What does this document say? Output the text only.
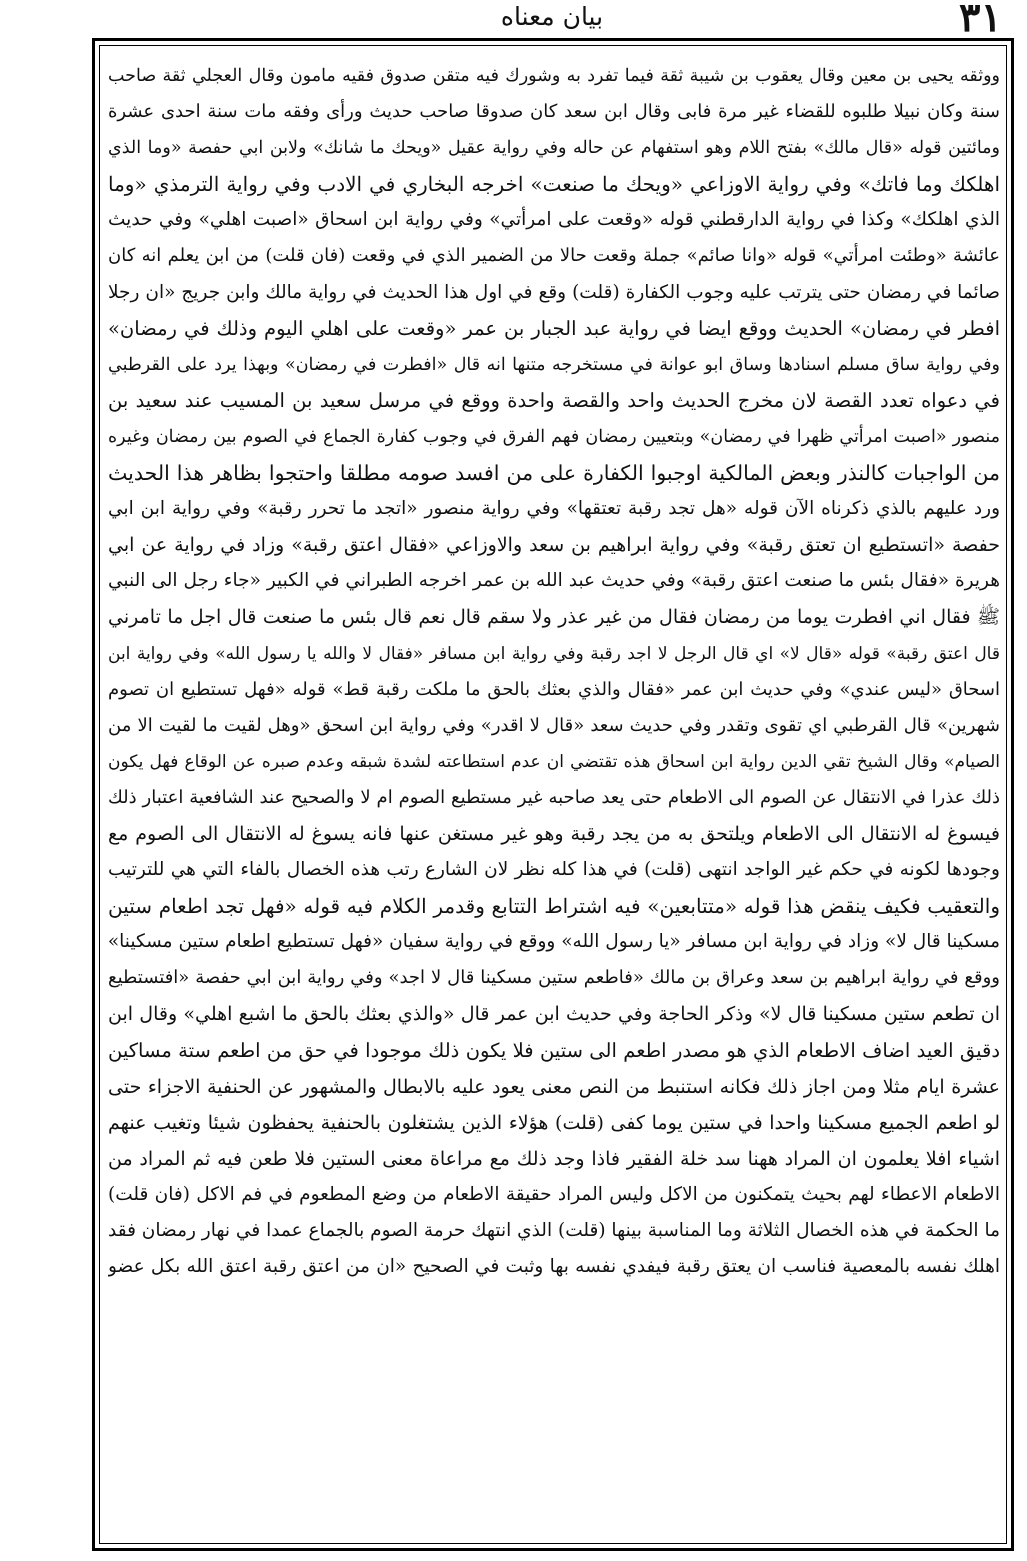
٣١
بيان معناه
ووثقه يحيى بن معين وقال يعقوب بن شيبة ثقة فيما تفرد به وشورك فيه متقن صدوق فقيه مامون وقال العجلي ثقة صاحب
سنة وكان نبيلا طلبوه للقضاء غير مرة فابى وقال ابن سعد كان صدوقا صاحب حديث ورأى وفقه مات سنة احدى عشرة
ومائتين قوله «قال مالك» بفتح اللام وهو استفهام عن حاله وفي رواية عقيل «ويحك ما شانك» ولابن ابي حفصة «وما الذي
اهلكك وما فاتك» وفي رواية الاوزاعي «ويحك ما صنعت» اخرجه البخاري في الادب وفي رواية الترمذي «وما
الذي اهلكك» وكذا في رواية الدارقطني قوله «وقعت على امرأتي» وفي رواية ابن اسحاق «اصبت اهلي» وفي حديث
عائشة «وطئت امرأتي» قوله «وانا صائم» جملة وقعت حالا من الضمير الذي في وقعت (فان قلت) من ابن يعلم انه كان
صائما في رمضان حتى يترتب عليه وجوب الكفارة (قلت) وقع في اول هذا الحديث في رواية مالك وابن جريج «ان رجلا
افطر في رمضان» الحديث ووقع ايضا في رواية عبد الجبار بن عمر «وقعت على اهلي اليوم وذلك في رمضان»
وفي رواية ساق مسلم اسنادها وساق ابو عوانة في مستخرجه متنها انه قال «افطرت في رمضان» وبهذا يرد على القرطبي
في دعواه تعدد القصة لان مخرج الحديث واحد والقصة واحدة ووقع في مرسل سعيد بن المسيب عند سعيد بن
منصور «اصبت امرأتي ظهرا في رمضان» وبتعيين رمضان فهم الفرق في وجوب كفارة الجماع في الصوم بين رمضان وغيره
من الواجبات كالنذر وبعض المالكية اوجبوا الكفارة على من افسد صومه مطلقا واحتجوا بظاهر هذا الحديث
ورد عليهم بالذي ذكرناه الآن قوله «هل تجد رقبة تعتقها» وفي رواية منصور «اتجد ما تحرر رقبة» وفي رواية ابن ابي
حفصة «اتستطيع ان تعتق رقبة» وفي رواية ابراهيم بن سعد والاوزاعي «فقال اعتق رقبة» وزاد في رواية عن ابي
هريرة «فقال بئس ما صنعت اعتق رقبة» وفي حديث عبد الله بن عمر اخرجه الطبراني في الكبير «جاء رجل الى النبي
ﷺ فقال اني افطرت يوما من رمضان فقال من غير عذر ولا سقم قال نعم قال بئس ما صنعت قال اجل ما تامرني
قال اعتق رقبة» قوله «قال لا» اي قال الرجل لا اجد رقبة وفي رواية ابن مسافر «فقال لا والله يا رسول الله» وفي رواية ابن
اسحاق «ليس عندي» وفي حديث ابن عمر «فقال والذي بعثك بالحق ما ملكت رقبة قط» قوله «فهل تستطيع ان تصوم
شهرين» قال القرطبي اي تقوى وتقدر وفي حديث سعد «قال لا اقدر» وفي رواية ابن اسحق «وهل لقيت ما لقيت الا من
الصيام» وقال الشيخ تقي الدين رواية ابن اسحاق هذه تقتضي ان عدم استطاعته لشدة شبقه وعدم صبره عن الوقاع فهل يكون
ذلك عذرا في الانتقال عن الصوم الى الاطعام حتى يعد صاحبه غير مستطيع الصوم ام لا والصحيح عند الشافعية اعتبار ذلك
فيسوغ له الانتقال الى الاطعام ويلتحق به من يجد رقبة وهو غير مستغن عنها فانه يسوغ له الانتقال الى الصوم مع
وجودها لكونه في حكم غير الواجد انتهى (قلت) في هذا كله نظر لان الشارع رتب هذه الخصال بالفاء التي هي للترتيب
والتعقيب فكيف ينقض هذا قوله «متتابعين» فيه اشتراط التتابع وقدمر الكلام فيه قوله «فهل تجد اطعام ستين
مسكينا قال لا» وزاد في رواية ابن مسافر «يا رسول الله» ووقع في رواية سفيان «فهل تستطيع اطعام ستين مسكينا»
ووقع في رواية ابراهيم بن سعد وعراق بن مالك «فاطعم ستين مسكينا قال لا اجد» وفي رواية ابن ابي حفصة «افتستطيع
ان تطعم ستين مسكينا قال لا» وذكر الحاجة وفي حديث ابن عمر قال «والذي بعثك بالحق ما اشبع اهلي» وقال ابن
دقيق العيد اضاف الاطعام الذي هو مصدر اطعم الى ستين فلا يكون ذلك موجودا في حق من اطعم ستة مساكين
عشرة ايام مثلا ومن اجاز ذلك فكانه استنبط من النص معنى يعود عليه بالابطال والمشهور عن الحنفية الاجزاء حتى
لو اطعم الجميع مسكينا واحدا في ستين يوما كفى (قلت) هؤلاء الذين يشتغلون بالحنفية يحفظون شيئا وتغيب عنهم
اشياء افلا يعلمون ان المراد ههنا سد خلة الفقير فاذا وجد ذلك مع مراعاة معنى الستين فلا طعن فيه ثم المراد من
الاطعام الاعطاء لهم بحيث يتمكنون من الاكل وليس المراد حقيقة الاطعام من وضع المطعوم في فم الاكل (فان قلت)
ما الحكمة في هذه الخصال الثلاثة وما المناسبة بينها (قلت) الذي انتهك حرمة الصوم بالجماع عمدا في نهار رمضان فقد
اهلك نفسه بالمعصية فناسب ان يعتق رقبة فيفدي نفسه بها وثبت في الصحيح «ان من اعتق رقبة اعتق الله بكل عضو
